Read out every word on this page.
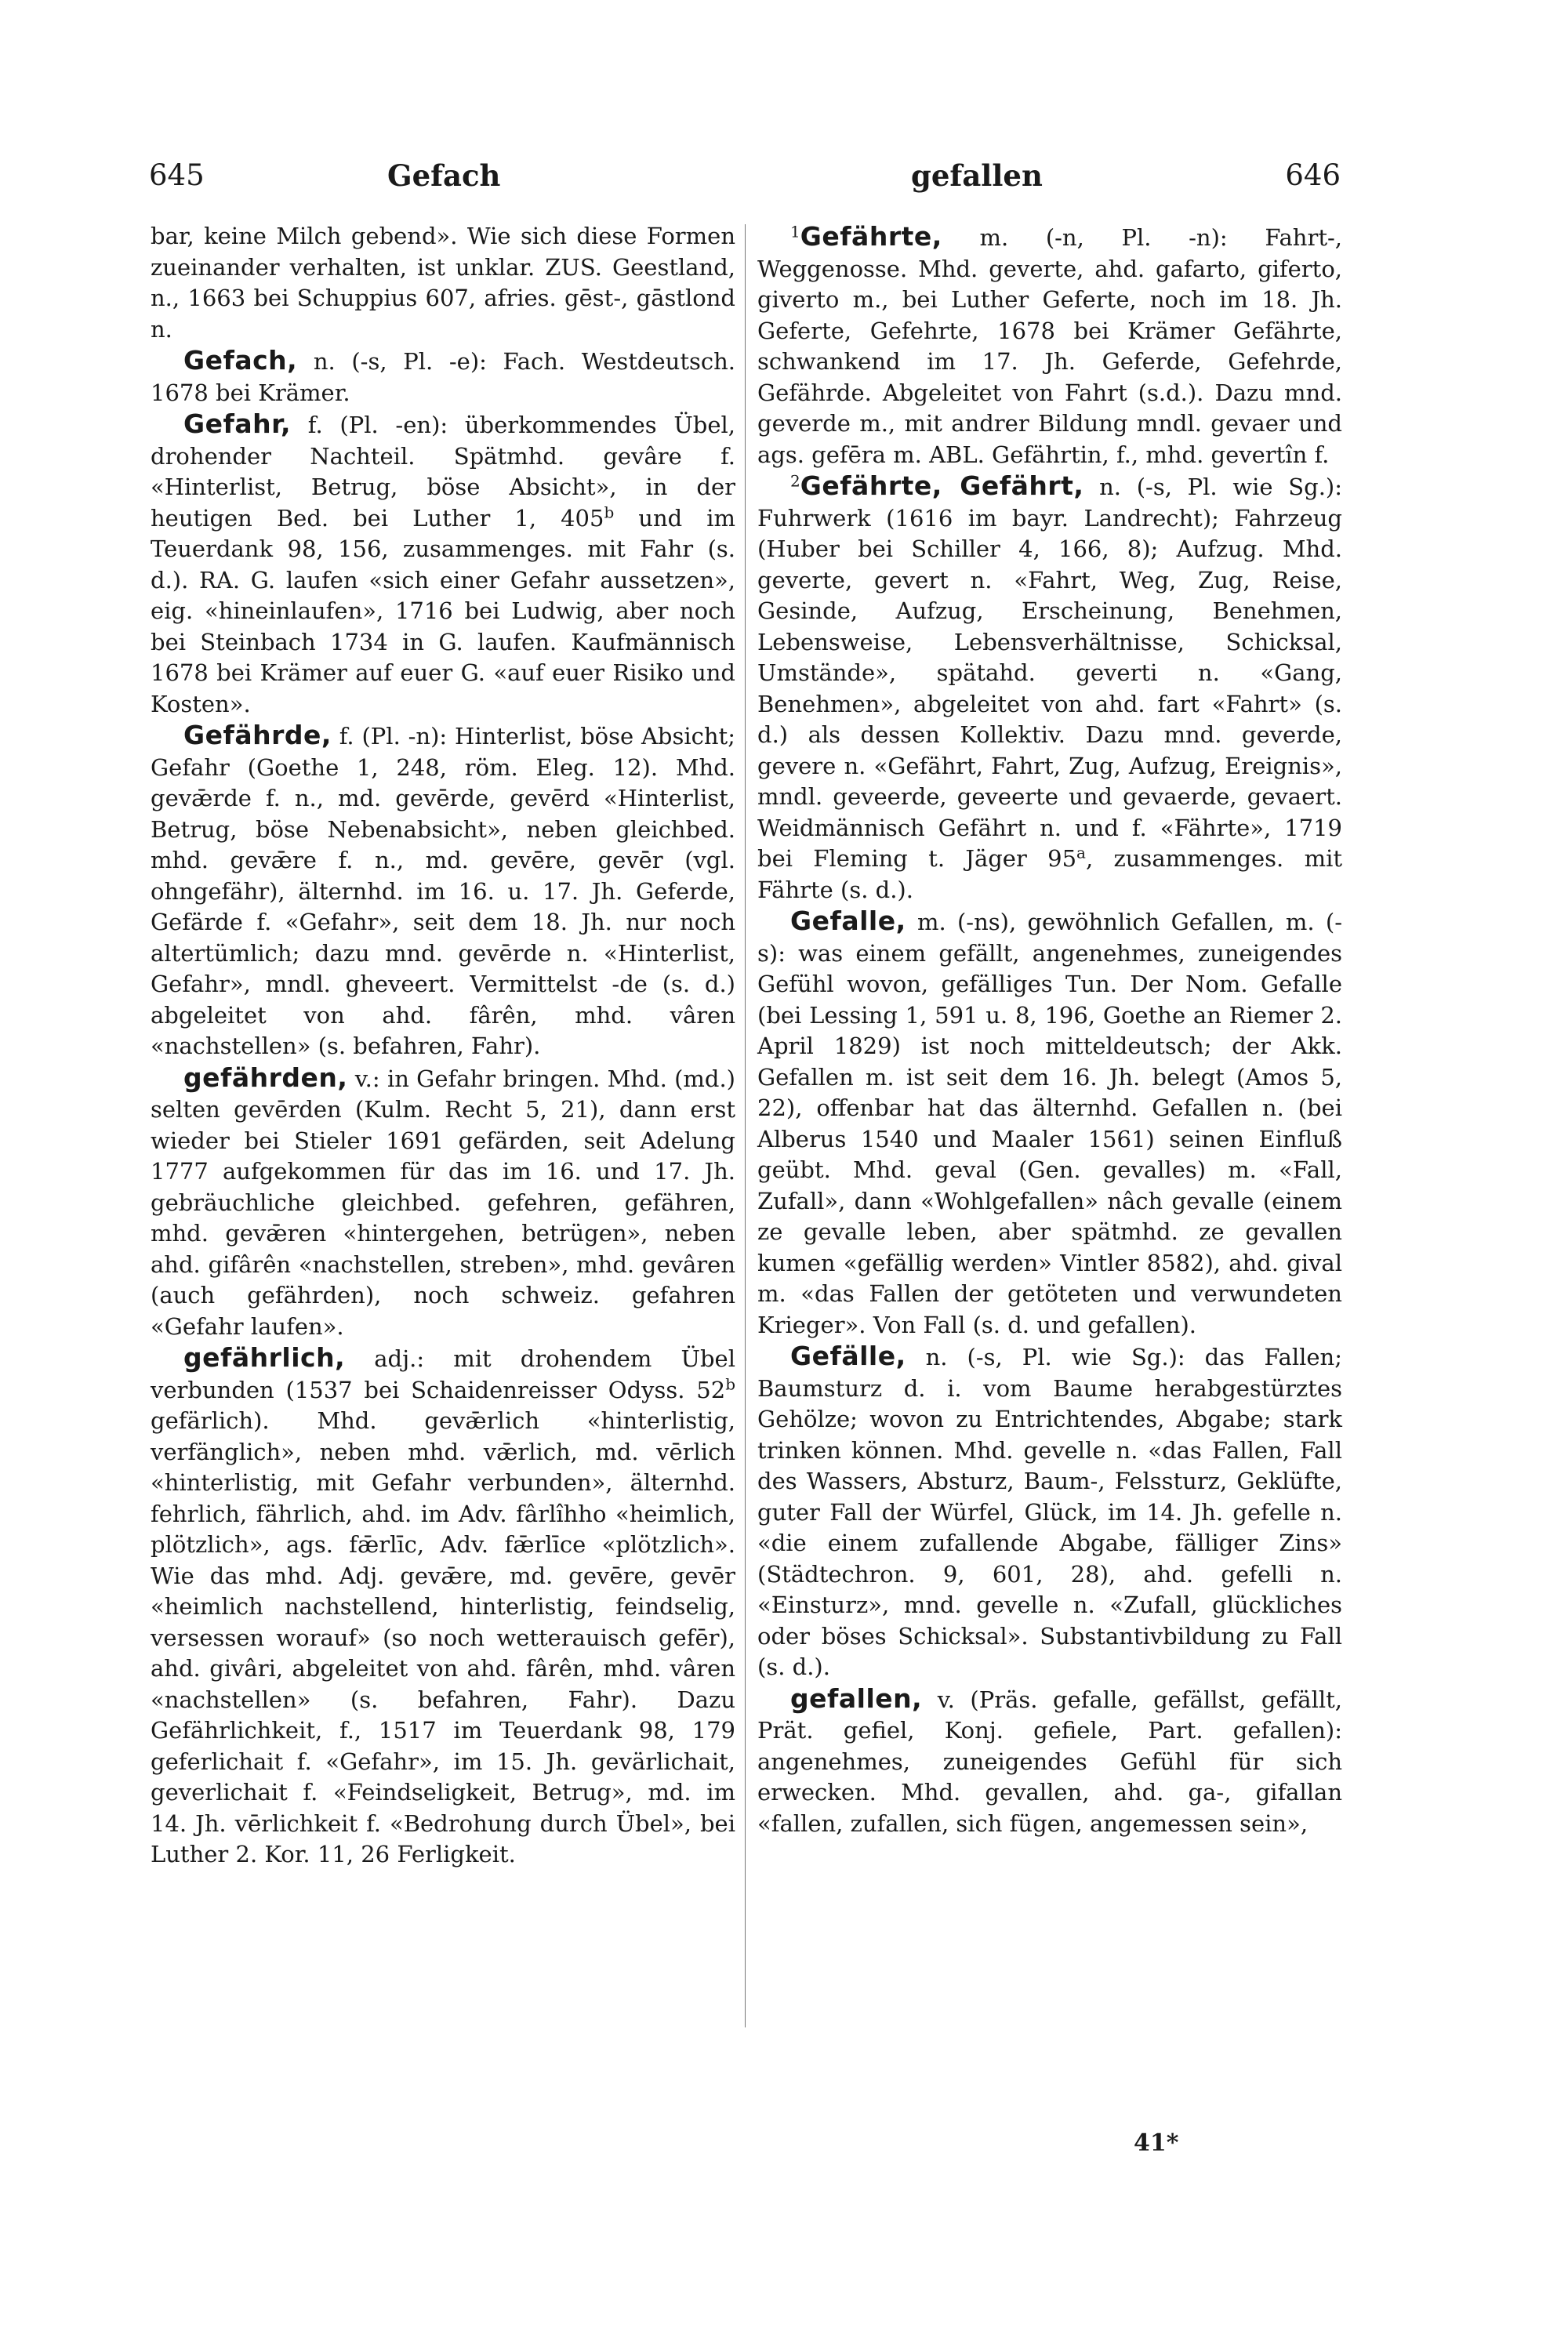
645	Gefach	gefallen	646

bar, keine Milch gebend». Wie sich diese Formen zueinander verhalten, ist unklar. ZUS. Geestland, n., 1663 bei Schuppius 607, afries. gēst-, gāstlond n.

Gefach, n. (-s, Pl. -e): Fach. Westdeutsch. 1678 bei Krämer.

Gefahr, f. (Pl. -en): überkommendes Übel, drohender Nachteil. Spätmhd. gevâre f. «Hinterlist, Betrug, böse Absicht», in der heutigen Bed. bei Luther 1, 405$^b$ und im Teuerdank 98, 156, zusammenges. mit Fahr (s. d.). RA. G. laufen «sich einer Gefahr aussetzen», eig. «hineinlaufen», 1716 bei Ludwig, aber noch bei Steinbach 1734 in G. laufen. Kaufmännisch 1678 bei Krämer auf euer G. «auf euer Risiko und Kosten».

Gefährde, f. (Pl. -n): Hinterlist, böse Absicht; Gefahr (Goethe 1, 248, röm. Eleg. 12). Mhd. gevǣrde f. n., md. gevērde, gevērd «Hinterlist, Betrug, böse Nebenabsicht», neben gleichbed. mhd. gevǣre f. n., md. gevēre, gevēr (vgl. ohngefähr), älternhd. im 16. u. 17. Jh. Geferde, Gefärde f. «Gefahr», seit dem 18. Jh. nur noch altertümlich; dazu mnd. gevērde n. «Hinterlist, Gefahr», mndl. gheveert. Vermittelst -de (s. d.) abgeleitet von ahd. fârên, mhd. vâren «nachstellen» (s. befahren, Fahr).

gefährden, v.: in Gefahr bringen. Mhd. (md.) selten gevērden (Kulm. Recht 5, 21), dann erst wieder bei Stieler 1691 gefärden, seit Adelung 1777 aufgekommen für das im 16. und 17. Jh. gebräuchliche gleichbed. gefehren, gefähren, mhd. gevǣren «hintergehen, betrügen», neben ahd. gifârên «nachstellen, streben», mhd. gevâren (auch gefährden), noch schweiz. gefahren «Gefahr laufen».

gefährlich, adj.: mit drohendem Übel verbunden (1537 bei Schaidenreisser Odyss. 52$^b$ gefärlich). Mhd. gevǣrlich «hinterlistig, verfänglich», neben mhd. vǣrlich, md. vērlich «hinterlistig, mit Gefahr verbunden», älternhd. fehrlich, fährlich, ahd. im Adv. fârlîhho «heimlich, plötzlich», ags. fǣrlīc, Adv. fǣrlīce «plötzlich». Wie das mhd. Adj. gevǣre, md. gevēre, gevēr «heimlich nachstellend, hinterlistig, feindselig, versessen worauf» (so noch wetterauisch gefēr), ahd. givâri, abgeleitet von ahd. fârên, mhd. vâren «nachstellen» (s. befahren, Fahr). Dazu Gefährlichkeit, f., 1517 im Teuerdank 98, 179 geferlichait f. «Gefahr», im 15. Jh. gevärlichait, geverlichait f. «Feindseligkeit, Betrug», md. im 14. Jh. vērlichkeit f. «Bedrohung durch Übel», bei Luther 2. Kor. 11, 26 Ferligkeit.

$^1$Gefährte, m. (-n, Pl. -n): Fahrt-, Weggenosse. Mhd. geverte, ahd. gafarto, giferto, giverto m., bei Luther Geferte, noch im 18. Jh. Geferte, Gefehrte, 1678 bei Krämer Gefährte, schwankend im 17. Jh. Geferde, Gefehrde, Gefährde. Abgeleitet von Fahrt (s.d.). Dazu mnd. geverde m., mit andrer Bildung mndl. gevaer und ags. gefēra m. ABL. Gefährtin, f., mhd. gevertîn f.

$^2$Gefährte, Gefährt, n. (-s, Pl. wie Sg.): Fuhrwerk (1616 im bayr. Landrecht); Fahrzeug (Huber bei Schiller 4, 166, 8); Aufzug. Mhd. geverte, gevert n. «Fahrt, Weg, Zug, Reise, Gesinde, Aufzug, Erscheinung, Benehmen, Lebensweise, Lebensverhältnisse, Schicksal, Umstände», spätahd. geverti n. «Gang, Benehmen», abgeleitet von ahd. fart «Fahrt» (s. d.) als dessen Kollektiv. Dazu mnd. geverde, gevere n. «Gefährt, Fahrt, Zug, Aufzug, Ereignis», mndl. geveerde, geveerte und gevaerde, gevaert. Weidmännisch Gefährt n. und f. «Fährte», 1719 bei Fleming t. Jäger 95$^a$, zusammenges. mit Fährte (s. d.).

Gefalle, m. (-ns), gewöhnlich Gefallen, m. (-s): was einem gefällt, angenehmes, zuneigendes Gefühl wovon, gefälliges Tun. Der Nom. Gefalle (bei Lessing 1, 591 u. 8, 196, Goethe an Riemer 2. April 1829) ist noch mitteldeutsch; der Akk. Gefallen m. ist seit dem 16. Jh. belegt (Amos 5, 22), offenbar hat das älternhd. Gefallen n. (bei Alberus 1540 und Maaler 1561) seinen Einfluß geübt. Mhd. geval (Gen. gevalles) m. «Fall, Zufall», dann «Wohlgefallen» nâch gevalle (einem ze gevalle leben, aber spätmhd. ze gevallen kumen «gefällig werden» Vintler 8582), ahd. gival m. «das Fallen der getöteten und verwundeten Krieger». Von Fall (s. d. und gefallen).

Gefälle, n. (-s, Pl. wie Sg.): das Fallen; Baumsturz d. i. vom Baume herabgestürztes Gehölze; wovon zu Entrichtendes, Abgabe; stark trinken können. Mhd. gevelle n. «das Fallen, Fall des Wassers, Absturz, Baum-, Felssturz, Geklüfte, guter Fall der Würfel, Glück, im 14. Jh. gefelle n. «die einem zufallende Abgabe, fälliger Zins» (Städtechron. 9, 601, 28), ahd. gefelli n. «Einsturz», mnd. gevelle n. «Zufall, glückliches oder böses Schicksal». Substantivbildung zu Fall (s. d.).

gefallen, v. (Präs. gefalle, gefällst, gefällt, Prät. gefiel, Konj. gefiele, Part. gefallen): angenehmes, zuneigendes Gefühl für sich erwecken. Mhd. gevallen, ahd. ga-, gifallan «fallen, zufallen, sich fügen, angemessen sein»,

41*
